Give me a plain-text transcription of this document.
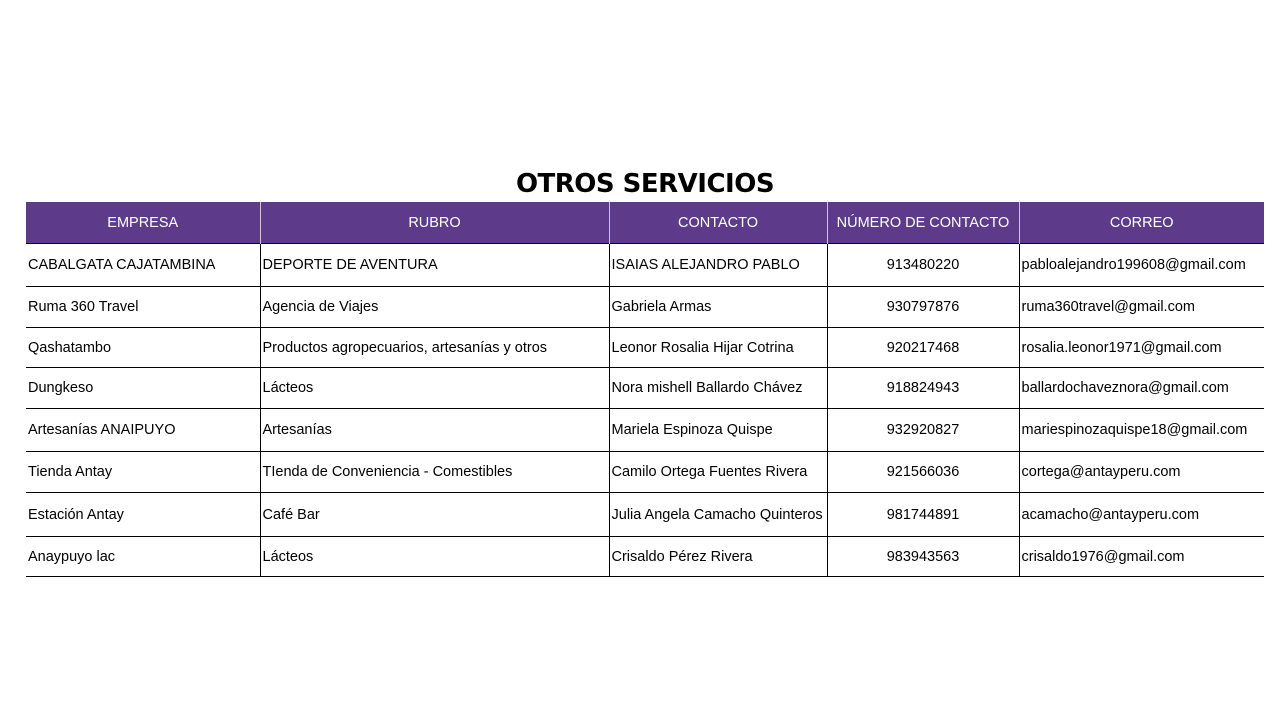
OTROS SERVICIOS
EMPRESA	RUBRO	CONTACTO	NÚMERO DE CONTACTO	CORREO
CABALGATA CAJATAMBINA	DEPORTE DE AVENTURA	ISAIAS ALEJANDRO PABLO	913480220	pabloalejandro199608@gmail.com
Ruma 360 Travel	Agencia de Viajes	Gabriela Armas	930797876	ruma360travel@gmail.com
Qashatambo	Productos agropecuarios, artesanías y otros	Leonor Rosalia Hijar Cotrina	920217468	rosalia.leonor1971@gmail.com
Dungkeso	Lácteos	Nora mishell Ballardo Chávez	918824943	ballardochaveznora@gmail.com
Artesanías ANAIPUYO	Artesanías	Mariela Espinoza Quispe	932920827	mariespinozaquispe18@gmail.com
Tienda Antay	TIenda de Conveniencia - Comestibles	Camilo Ortega Fuentes Rivera	921566036	cortega@antayperu.com
Estación Antay	Café Bar	Julia Angela Camacho Quinteros	981744891	acamacho@antayperu.com
Anaypuyo lac	Lácteos	Crisaldo Pérez Rivera	983943563	crisaldo1976@gmail.com
